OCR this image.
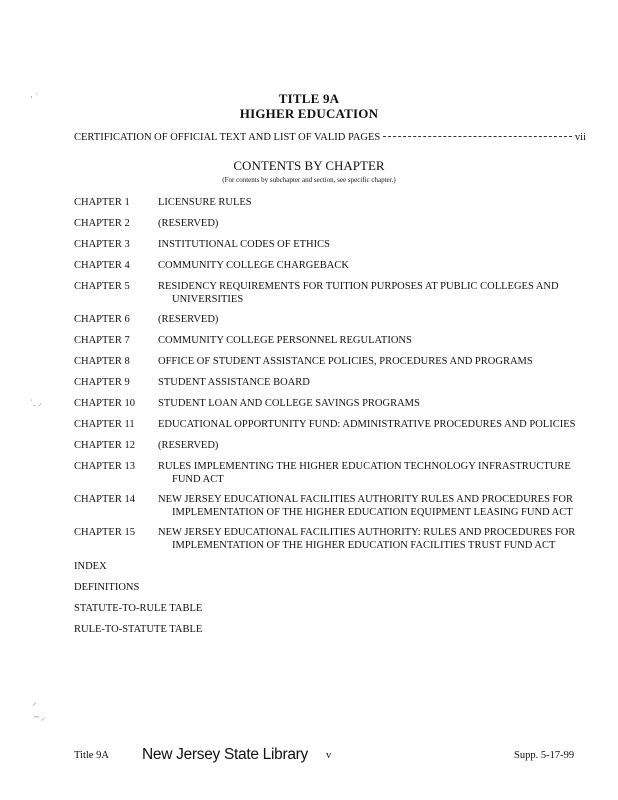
TITLE 9A
HIGHER EDUCATION
CERTIFICATION OF OFFICIAL TEXT AND LIST OF VALID PAGES	vii
CONTENTS BY CHAPTER
(For contents by subchapter and section, see specific chapter.)
CHAPTER 1	LICENSURE RULES
CHAPTER 2	(RESERVED)
CHAPTER 3	INSTITUTIONAL CODES OF ETHICS
CHAPTER 4	COMMUNITY COLLEGE CHARGEBACK
CHAPTER 5	RESIDENCY REQUIREMENTS FOR TUITION PURPOSES AT PUBLIC COLLEGES AND
UNIVERSITIES
CHAPTER 6	(RESERVED)
CHAPTER 7	COMMUNITY COLLEGE PERSONNEL REGULATIONS
CHAPTER 8	OFFICE OF STUDENT ASSISTANCE POLICIES, PROCEDURES AND PROGRAMS
CHAPTER 9	STUDENT ASSISTANCE BOARD
CHAPTER 10	STUDENT LOAN AND COLLEGE SAVINGS PROGRAMS
CHAPTER 11	EDUCATIONAL OPPORTUNITY FUND: ADMINISTRATIVE PROCEDURES AND POLICIES
CHAPTER 12	(RESERVED)
CHAPTER 13	RULES IMPLEMENTING THE HIGHER EDUCATION TECHNOLOGY INFRASTRUCTURE
FUND ACT
CHAPTER 14	NEW JERSEY EDUCATIONAL FACILITIES AUTHORITY RULES AND PROCEDURES FOR
IMPLEMENTATION OF THE HIGHER EDUCATION EQUIPMENT LEASING FUND ACT
CHAPTER 15	NEW JERSEY EDUCATIONAL FACILITIES AUTHORITY: RULES AND PROCEDURES FOR
IMPLEMENTATION OF THE HIGHER EDUCATION FACILITIES TRUST FUND ACT
INDEX
DEFINITIONS
STATUTE-TO-RULE TABLE
RULE-TO-STATUTE TABLE
Title 9A New Jersey State Library v	Supp. 5-17-99
· ˙
˙. ⸝
⸝
~ ⸝
